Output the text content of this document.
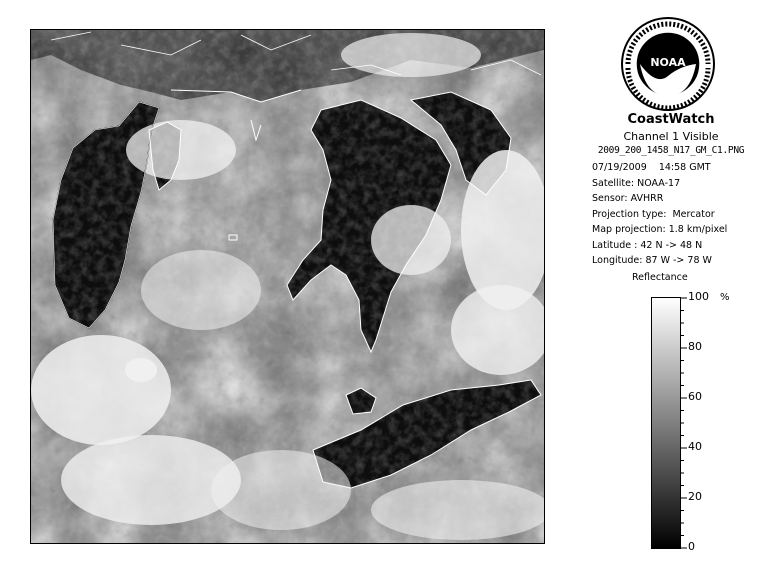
NOAA
CoastWatch
Channel 1 Visible
2009_200_1458_N17_GM_C1.PNG
07/19/2009    14:58 GMT
Satellite: NOAA-17
Sensor: AVHRR
Projection type:  Mercator
Map projection: 1.8 km/pixel
Latitude : 42 N -> 48 N
Longitude: 87 W -> 78 W
Reflectance
100
80
60
40
20
0
%
